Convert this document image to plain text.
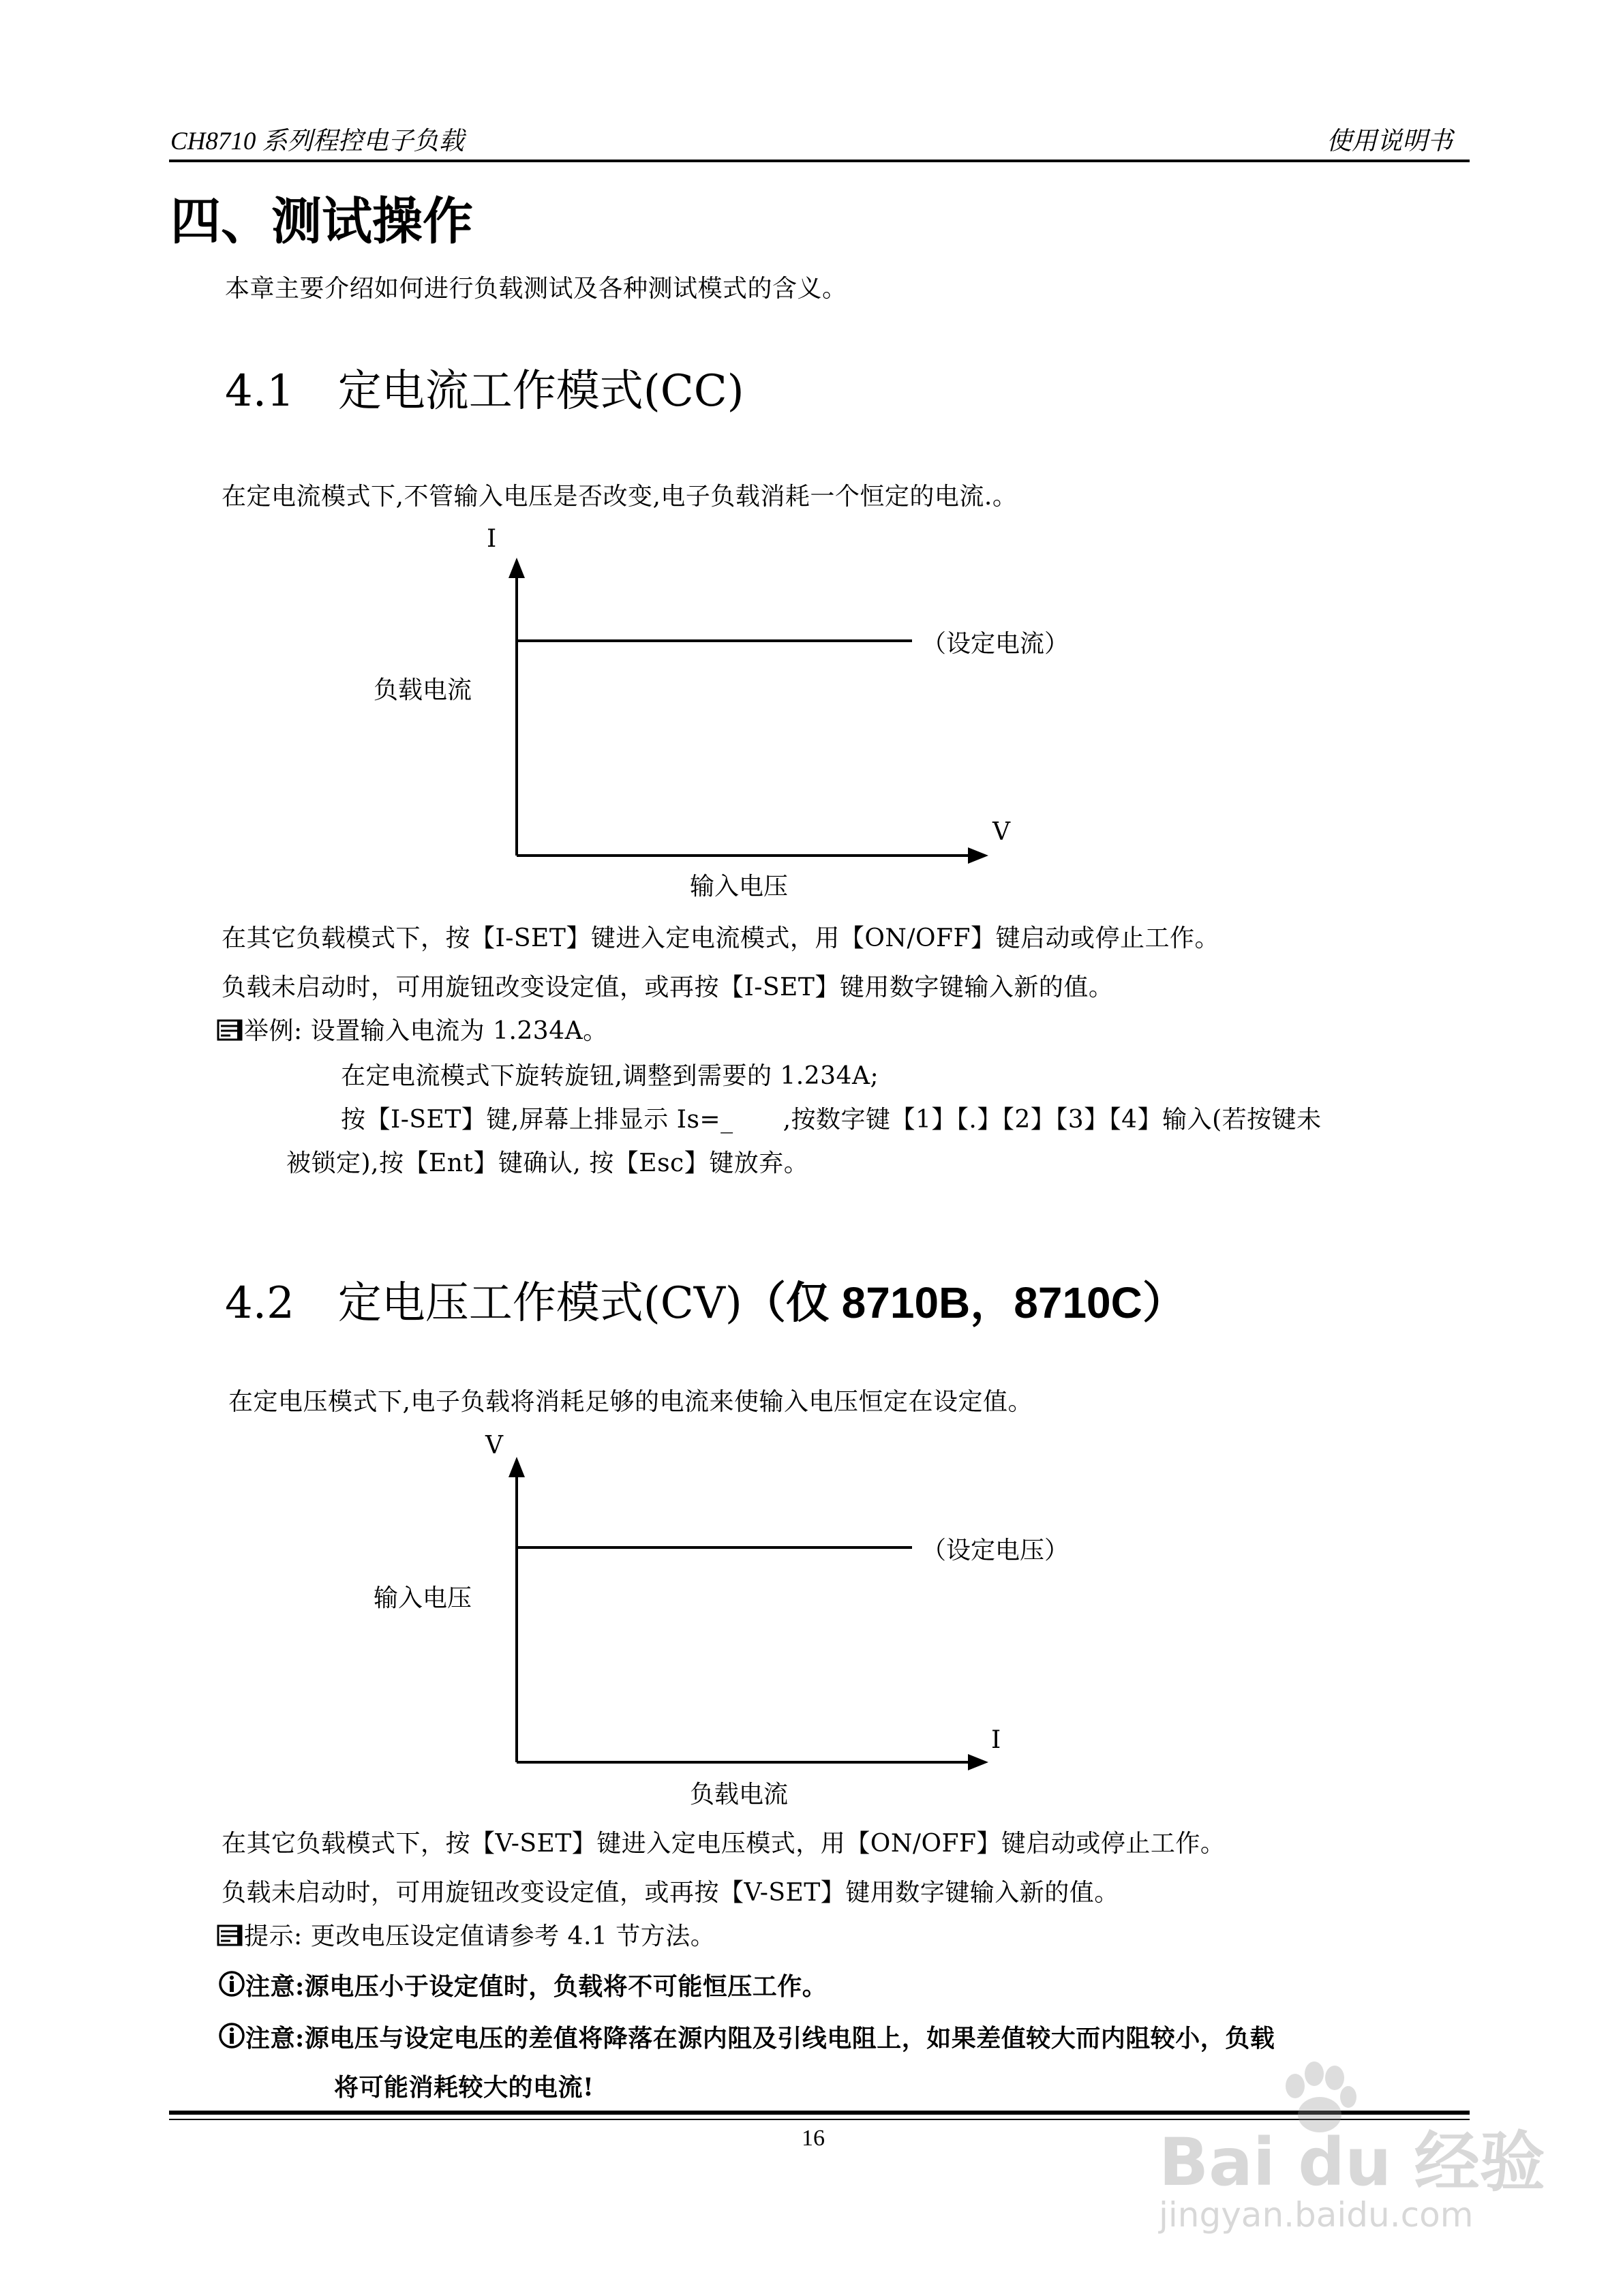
CH8710 系列程控电子负载	使用说明书
四、测试操作
本章主要介绍如何进行负载测试及各种测试模式的含义。
4.1　定电流工作模式(CC)
在定电流模式下,不管输入电压是否改变,电子负载消耗一个恒定的电流.。
I
V
负载电流
输入电压
（设定电流）
在其它负载模式下，按【I-SET】键进入定电流模式，用【ON/OFF】键启动或停止工作。
负载未启动时，可用旋钮改变设定值，或再按【I-SET】键用数字键输入新的值。
举例: 设置输入电流为 1.234A。
在定电流模式下旋转旋钮,调整到需要的 1.234A;
按【I-SET】键,屏幕上排显示 Is=_　　,按数字键【1】【.】【2】【3】【4】输入(若按键未
被锁定),按【Ent】键确认, 按【Esc】键放弃。
4.2　定电压工作模式(CV)（仅 8710B，8710C）
在定电压模式下,电子负载将消耗足够的电流来使输入电压恒定在设定值。
V
I
输入电压
负载电流
（设定电压）
在其它负载模式下，按【V-SET】键进入定电压模式，用【ON/OFF】键启动或停止工作。
负载未启动时，可用旋钮改变设定值，或再按【V-SET】键用数字键输入新的值。
提示: 更改电压设定值请参考 4.1 节方法。
注意:源电压小于设定值时，负载将不可能恒压工作。
注意:源电压与设定电压的差值将降落在源内阻及引线电阻上，如果差值较大而内阻较小，负载
将可能消耗较大的电流!
16	Bai du 经验
jingyan.baidu.com
